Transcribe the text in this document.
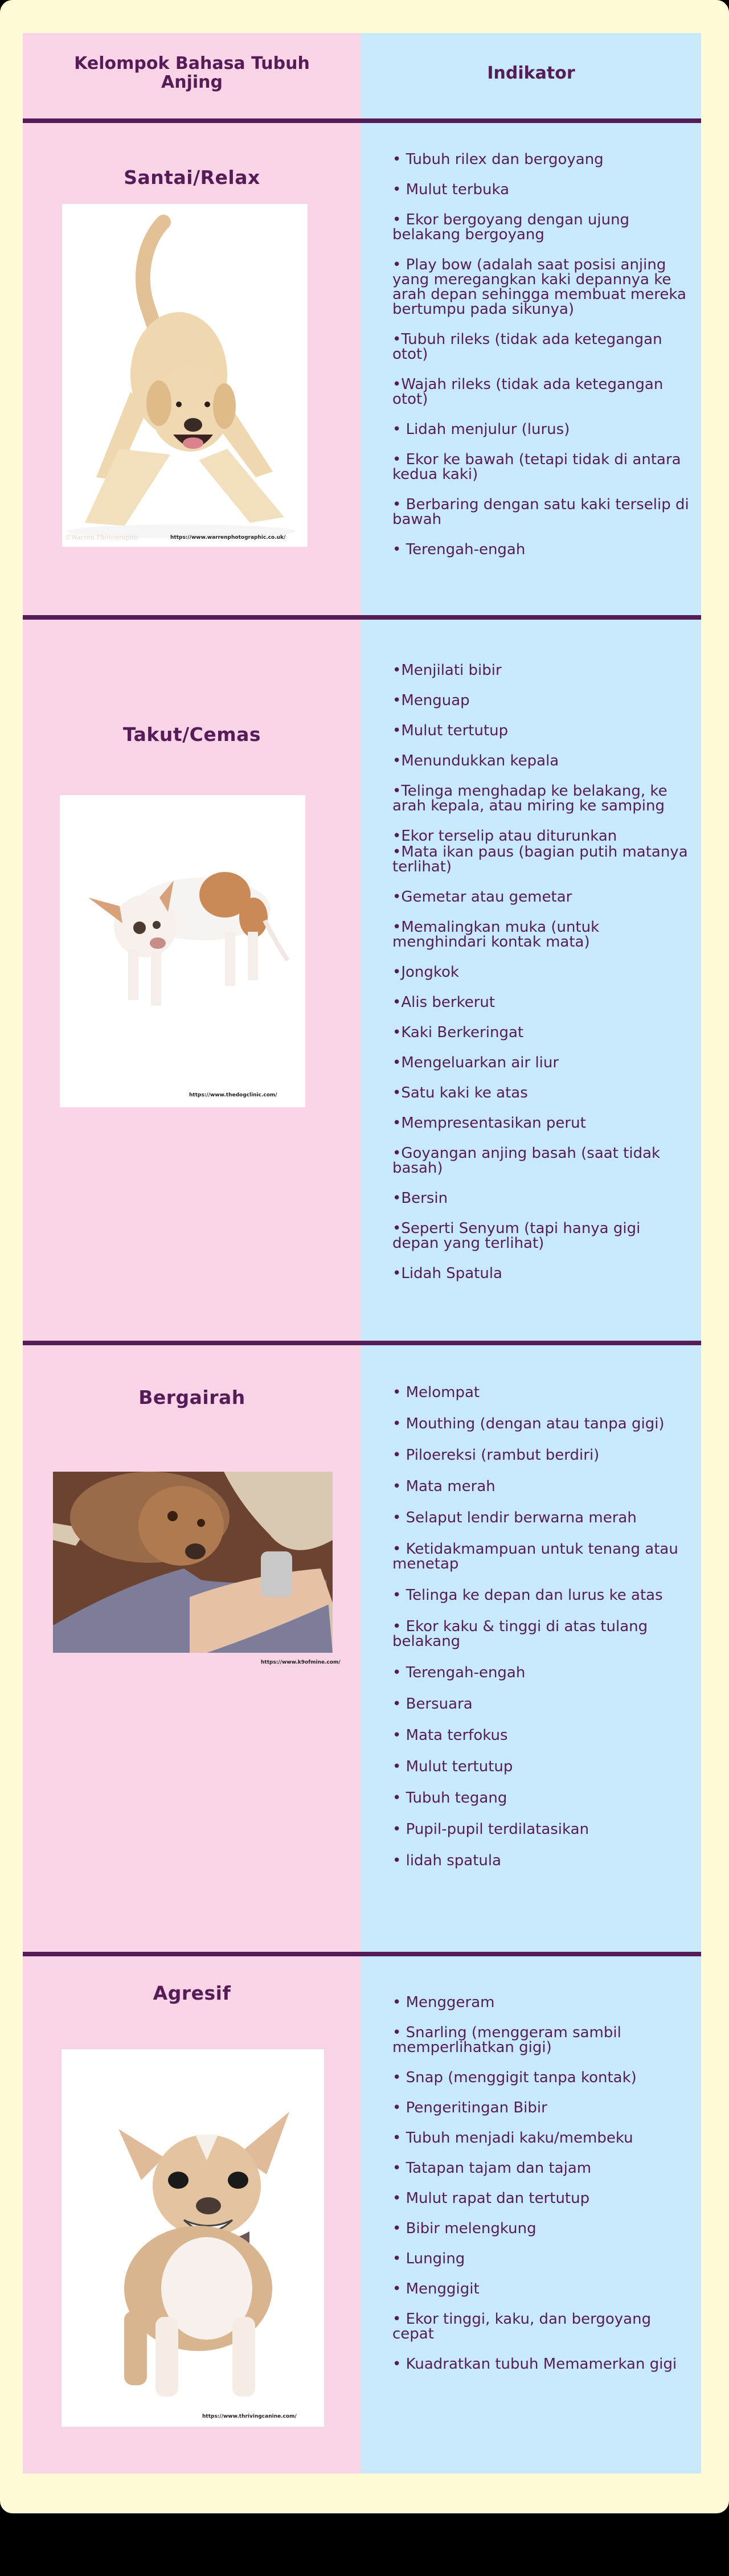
Kelompok Bahasa Tubuh Anjing	Indikator
Santai/Relax
©Warren Photographic	https://www.warrenphotographic.co.uk/
• Tubuh rilex dan bergoyang
• Mulut terbuka
• Ekor bergoyang dengan ujung belakang bergoyang
• Play bow (adalah saat posisi anjing yang meregangkan kaki depannya ke arah depan sehingga membuat mereka bertumpu pada sikunya)
•Tubuh rileks (tidak ada ketegangan otot)
•Wajah rileks (tidak ada ketegangan otot)
• Lidah menjulur (lurus)
• Ekor ke bawah (tetapi tidak di antara kedua kaki)
• Berbaring dengan satu kaki terselip di bawah
• Terengah-engah
Takut/Cemas
https://www.thedogclinic.com/
•Menjilati bibir
•Menguap
•Mulut tertutup
•Menundukkan kepala
•Telinga menghadap ke belakang, ke arah kepala, atau miring ke samping
•Ekor terselip atau diturunkan
•Mata ikan paus (bagian putih matanya terlihat)
•Gemetar atau gemetar
•Memalingkan muka (untuk menghindari kontak mata)
•Jongkok
•Alis berkerut
•Kaki Berkeringat
•Mengeluarkan air liur
•Satu kaki ke atas
•Mempresentasikan perut
•Goyangan anjing basah (saat tidak basah)
•Bersin
•Seperti Senyum (tapi hanya gigi depan yang terlihat)
•Lidah Spatula
Bergairah
https://www.k9ofmine.com/
• Melompat
• Mouthing (dengan atau tanpa gigi)
• Piloereksi (rambut berdiri)
• Mata merah
• Selaput lendir berwarna merah
• Ketidakmampuan untuk tenang atau menetap
• Telinga ke depan dan lurus ke atas
• Ekor kaku & tinggi di atas tulang belakang
• Terengah-engah
• Bersuara
• Mata terfokus
• Mulut tertutup
• Tubuh tegang
• Pupil-pupil terdilatasikan
• lidah spatula
Agresif
https://www.thrivingcanine.com/
• Menggeram
• Snarling (menggeram sambil memperlihatkan gigi)
• Snap (menggigit tanpa kontak)
• Pengeritingan Bibir
• Tubuh menjadi kaku/membeku
• Tatapan tajam dan tajam
• Mulut rapat dan tertutup
• Bibir melengkung
• Lunging
• Menggigit
• Ekor tinggi, kaku, dan bergoyang cepat
• Kuadratkan tubuh Memamerkan gigi
